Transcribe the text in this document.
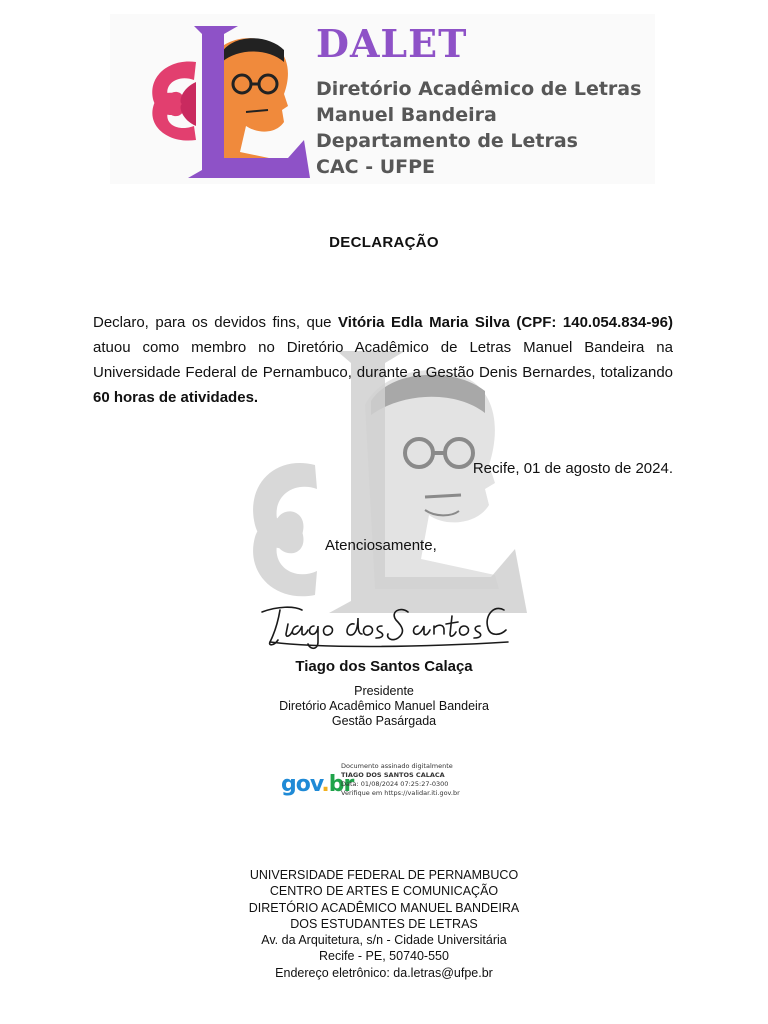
DALET

Diretório Acadêmico de Letras

Manuel Bandeira

Departamento de Letras

CAC - UFPE

DECLARAÇÃO

Declaro, para os devidos fins, que Vitória Edla Maria Silva (CPF: 140.054.834-96) atuou como membro no Diretório Acadêmico de Letras Manuel Bandeira na Universidade Federal de Pernambuco, durante a Gestão Denis Bernardes, totalizando 60 horas de atividades.

Recife, 01 de agosto de 2024.

Atenciosamente,

Tiago dos Santos Calaça

Presidente
Diretório Acadêmico Manuel Bandeira
Gestão Pasárgada
gov.br
Documento assinado digitalmente
TIAGO DOS SANTOS CALACA
Data: 01/08/2024 07:25:27-0300
Verifique em https://validar.iti.gov.br
UNIVERSIDADE FEDERAL DE PERNAMBUCO
CENTRO DE ARTES E COMUNICAÇÃO
DIRETÓRIO ACADÊMICO MANUEL BANDEIRA
DOS ESTUDANTES DE LETRAS
Av. da Arquitetura, s/n - Cidade Universitária
Recife - PE, 50740-550
Endereço eletrônico: da.letras@ufpe.br
